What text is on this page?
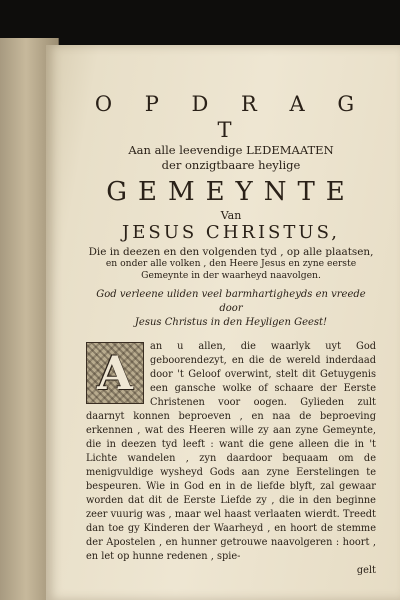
O P D R A G T

Aan alle leevendige LEDEMAATEN

der onzigtbaare heylige

GEMEYNTE

Van

JESUS CHRISTUS,

Die in deezen en den volgenden tyd , op alle plaatsen,

en onder alle volken , den Heere Jesus en zyne eerste

Gemeynte in der waarheyd naavolgen.

God verleene uliden veel barmhartigheyds en vreede door
Jesus Christus in den Heyligen Geest!
A	an u allen, die waarlyk uyt God geboorendezyt, en die de wereld inderdaad door 't Geloof overwint, stelt dit Getuygenis een gansche wolke of schaare der Eerste Christenen voor oogen. Gylieden zult daarnyt konnen beproeven , en naa de beproeving erkennen , wat des Heeren wille zy aan zyne Gemeynte, die in deezen tyd leeft : want die gene alleen die in 't Lichte wandelen , zyn daardoor bequaam om de menigvuldige wysheyd Gods aan zyne Eerstelingen te bespeuren. Wie in God en in de liefde blyft, zal gewaar worden dat dit de Eerste Liefde zy , die in den beginne zeer vuurig was , maar wel haast verlaaten wierdt. Treedt dan toe gy Kinderen der Waarheyd , en hoort de stemme der Apostelen , en hunner getrouwe naavolgeren : hoort , en let op hunne redenen , spie-

gelt
